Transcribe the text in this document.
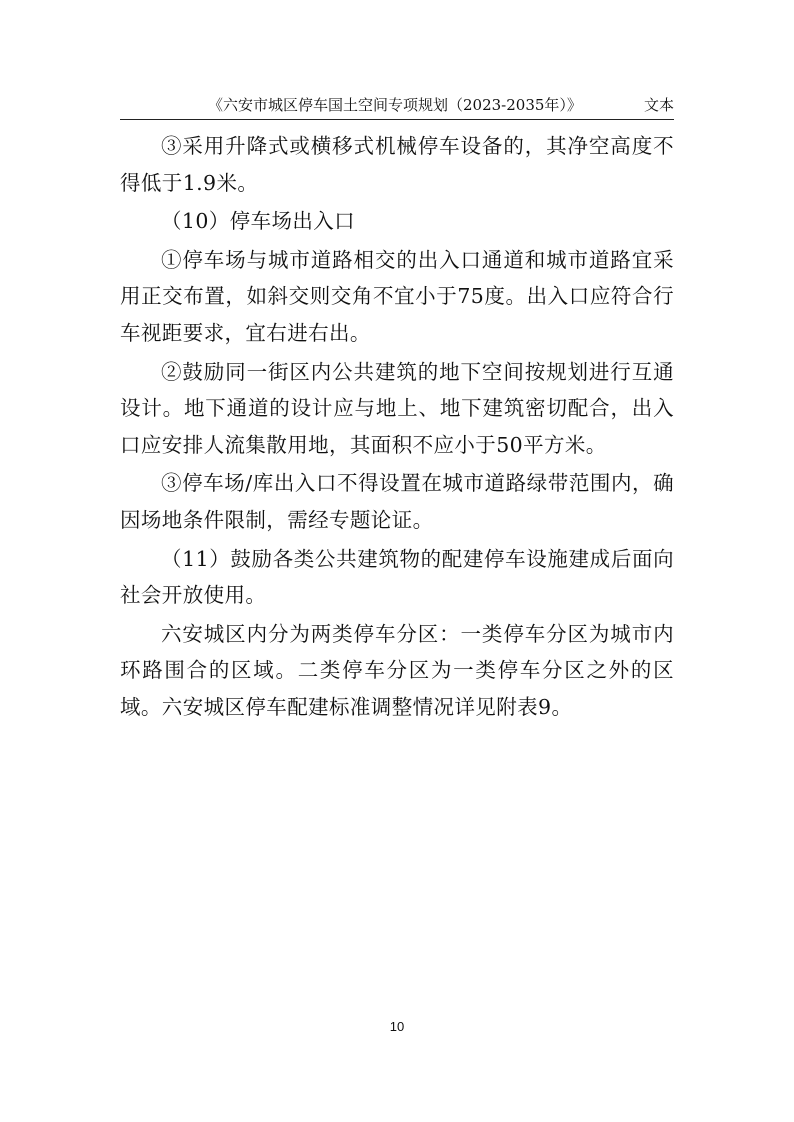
《六安市城区停车国土空间专项规划（2023-2035年）》	文本

③采用升降式或横移式机械停车设备的，其净空高度不得低于1.9米。

（10）停车场出入口

①停车场与城市道路相交的出入口通道和城市道路宜采用正交布置，如斜交则交角不宜小于75度。出入口应符合行车视距要求，宜右进右出。

②鼓励同一街区内公共建筑的地下空间按规划进行互通设计。地下通道的设计应与地上、地下建筑密切配合，出入口应安排人流集散用地，其面积不应小于50平方米。

③停车场/库出入口不得设置在城市道路绿带范围内，确因场地条件限制，需经专题论证。

（11）鼓励各类公共建筑物的配建停车设施建成后面向社会开放使用。

六安城区内分为两类停车分区：一类停车分区为城市内环路围合的区域。二类停车分区为一类停车分区之外的区域。六安城区停车配建标准调整情况详见附表9。

10
